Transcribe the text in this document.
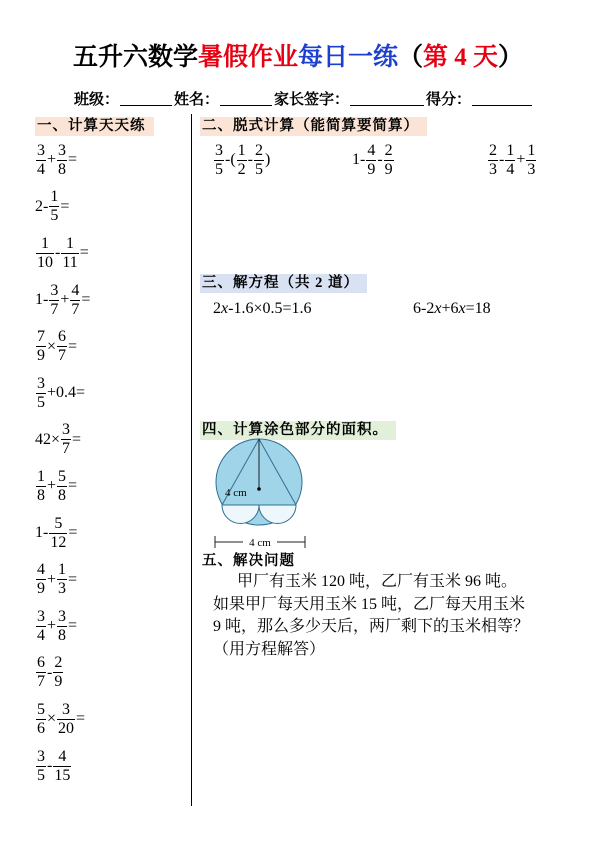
五升六数学暑假作业每日一练（第 4 天）
班级：	姓名：	家长签字：	得分：
一、计算天天练
$\frac{3}{4} + \frac{3}{8}$ =
$2- \frac{1}{5}$ =
$\frac{1}{10} - \frac{1}{11}$ =
$1- \frac{3}{7} + \frac{4}{7}$ =
$\frac{7}{9} \times \frac{6}{7}$ =
$\frac{3}{5} +0.4=$
$42\times \frac{3}{7}$ =
$\frac{1}{8} + \frac{5}{8}$ =
$1- \frac{5}{12}$ =
$\frac{4}{9} + \frac{1}{3}$ =
$\frac{3}{4} + \frac{3}{8}$ =
$\frac{6}{7} - \frac{2}{9}$
$\frac{5}{6} \times \frac{3}{20}$ =
$\frac{3}{5} - \frac{4}{15}$
二、脱式计算（能简算要简算）
$\frac{3}{5}$ -( $\frac{1}{2} - \frac{2}{5}$ )	$1- \frac{4}{9} - \frac{2}{9}$	$\frac{2}{3} - \frac{1}{4} + \frac{1}{3}$
三、解方程（共 2 道）
2 x -1.6×0.5=1.6	6-2 x +6 x =18
四、计算涂色部分的面积。
4 cm
4 cm
五、解决问题
甲厂有玉米 120 吨，乙厂有玉米 96 吨。
如果甲厂每天用玉米 15 吨，乙厂每天用玉米
9 吨，那么多少天后，两厂剩下的玉米相等？
（用方程解答）
